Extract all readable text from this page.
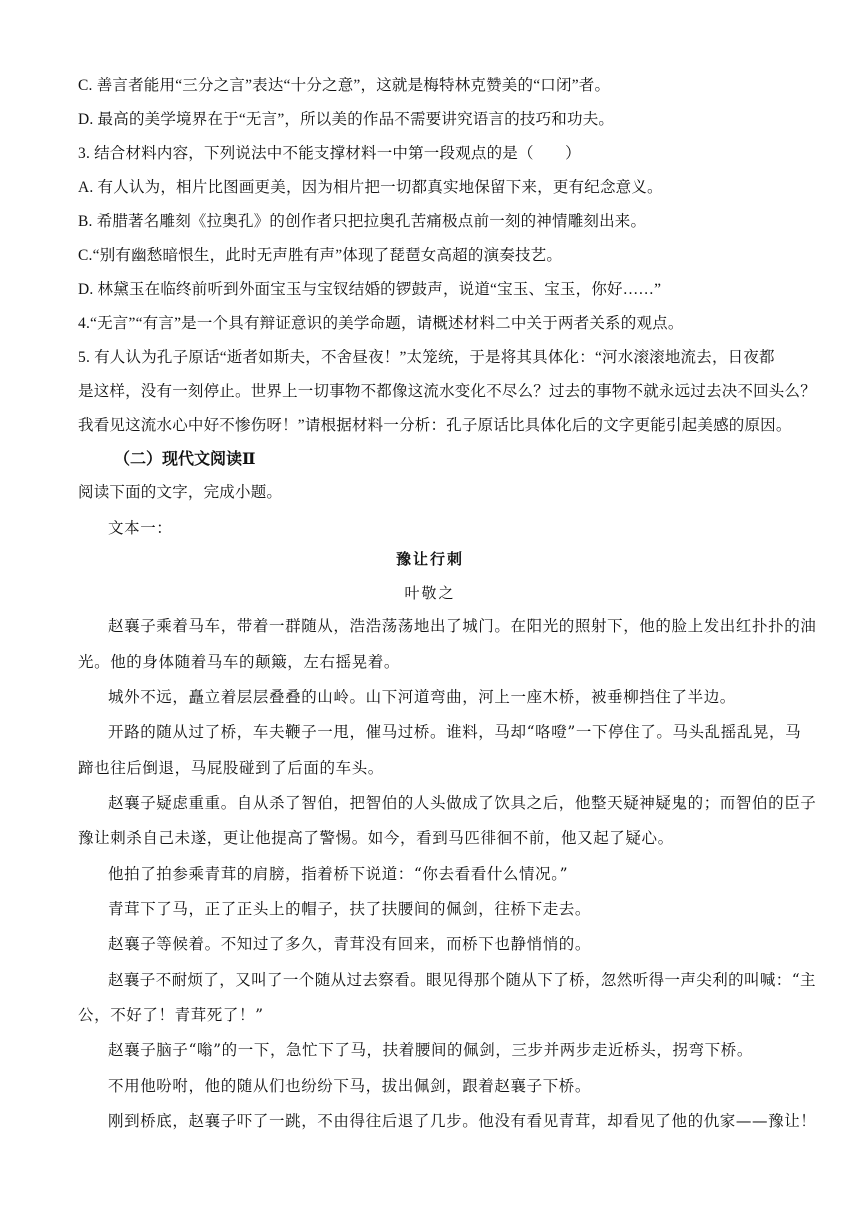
C. 善言者能用“三分之言”表达“十分之意”，这就是梅特林克赞美的“口闭”者。
D. 最高的美学境界在于“无言”，所以美的作品不需要讲究语言的技巧和功夫。
3. 结合材料内容，下列说法中不能支撑材料一中第一段观点的是（　　）
A. 有人认为，相片比图画更美，因为相片把一切都真实地保留下来，更有纪念意义。
B. 希腊著名雕刻《拉奥孔》的创作者只把拉奥孔苦痛极点前一刻的神情雕刻出来。
C.“别有幽愁暗恨生，此时无声胜有声”体现了琵琶女高超的演奏技艺。
D. 林黛玉在临终前听到外面宝玉与宝钗结婚的锣鼓声，说道“宝玉、宝玉，你好……”
4.“无言”“有言”是一个具有辩证意识的美学命题，请概述材料二中关于两者关系的观点。
5. 有人认为孔子原话“逝者如斯夫，不舍昼夜！”太笼统，于是将其具体化：“河水滚滚地流去，日夜都
是这样，没有一刻停止。世界上一切事物不都像这流水变化不尽么？过去的事物不就永远过去决不回头么？
我看见这流水心中好不惨伤呀！”请根据材料一分析：孔子原话比具体化后的文字更能引起美感的原因。
（二）现代文阅读Ⅱ
阅读下面的文字，完成小题。
文本一：
豫让行刺
叶敬之
赵襄子乘着马车，带着一群随从，浩浩荡荡地出了城门。在阳光的照射下，他的脸上发出红扑扑的油
光。他的身体随着马车的颠簸，左右摇晃着。
城外不远，矗立着层层叠叠的山岭。山下河道弯曲，河上一座木桥，被垂柳挡住了半边。
开路的随从过了桥，车夫鞭子一甩，催马过桥。谁料，马却“咯噔”一下停住了。马头乱摇乱晃，马
蹄也往后倒退，马屁股碰到了后面的车头。
赵襄子疑虑重重。自从杀了智伯，把智伯的人头做成了饮具之后，他整天疑神疑鬼的；而智伯的臣子
豫让刺杀自己未遂，更让他提高了警惕。如今，看到马匹徘徊不前，他又起了疑心。
他拍了拍参乘青茸的肩膀，指着桥下说道：“你去看看什么情况。”
青茸下了马，正了正头上的帽子，扶了扶腰间的佩剑，往桥下走去。
赵襄子等候着。不知过了多久，青茸没有回来，而桥下也静悄悄的。
赵襄子不耐烦了，又叫了一个随从过去察看。眼见得那个随从下了桥，忽然听得一声尖利的叫喊：“主
公，不好了！青茸死了！”
赵襄子脑子“嗡”的一下，急忙下了马，扶着腰间的佩剑，三步并两步走近桥头，拐弯下桥。
不用他吩咐，他的随从们也纷纷下马，拔出佩剑，跟着赵襄子下桥。
刚到桥底，赵襄子吓了一跳，不由得往后退了几步。他没有看见青茸，却看见了他的仇家——豫让！
